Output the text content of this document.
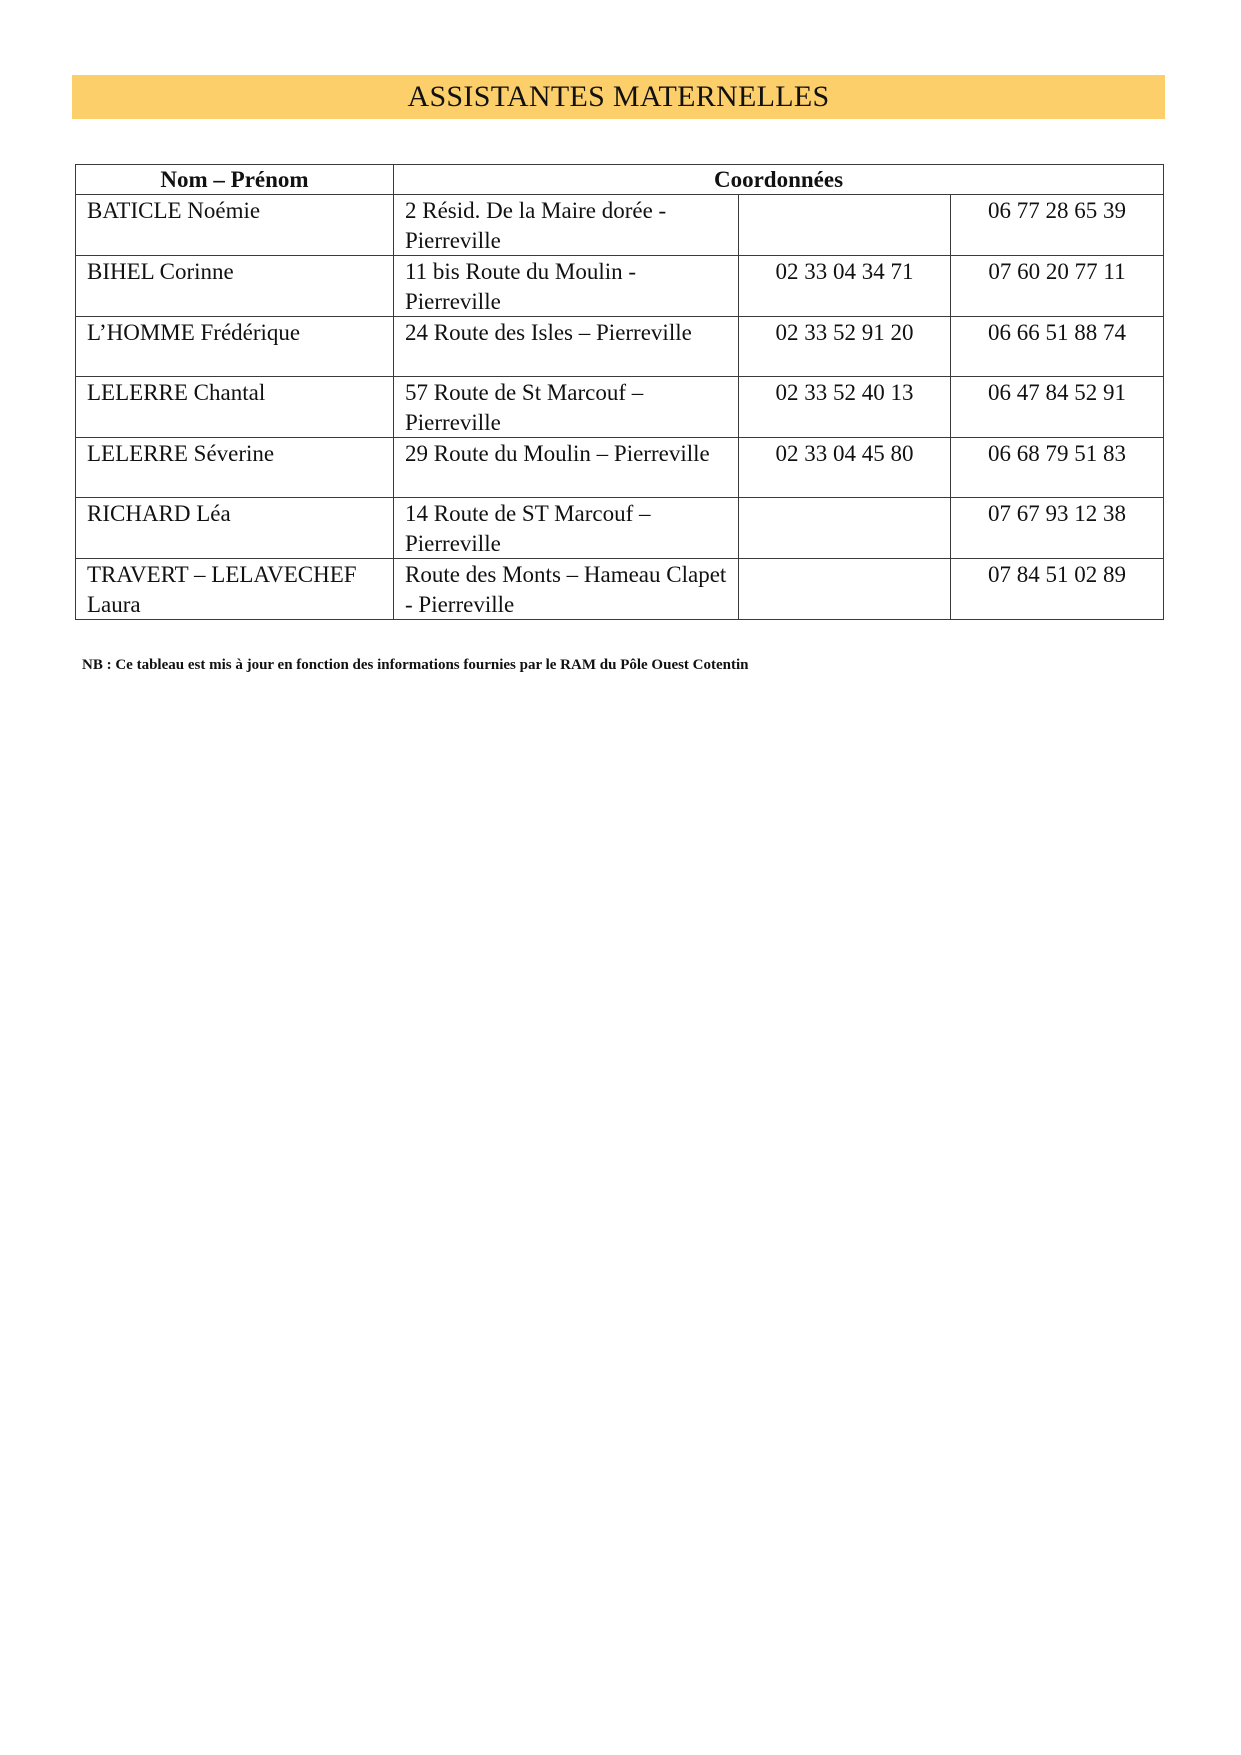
ASSISTANTES MATERNELLES
Nom – Prénom	Coordonnées		
BATICLE Noémie	2 Résid. De la Maire dorée - Pierreville		06 77 28 65 39
BIHEL Corinne	11 bis Route du Moulin - Pierreville	02 33 04 34 71	07 60 20 77 11
L’HOMME Frédérique	24 Route des Isles – Pierreville	02 33 52 91 20	06 66 51 88 74
LELERRE Chantal	57 Route de St Marcouf – Pierreville	02 33 52 40 13	06 47 84 52 91
LELERRE Séverine	29 Route du Moulin – Pierreville	02 33 04 45 80	06 68 79 51 83
RICHARD Léa	14 Route de ST Marcouf – Pierreville		07 67 93 12 38
TRAVERT – LELAVECHEF Laura	Route des Monts – Hameau Clapet - Pierreville		07 84 51 02 89
NB : Ce tableau est mis à jour en fonction des informations fournies par le RAM du Pôle Ouest Cotentin
